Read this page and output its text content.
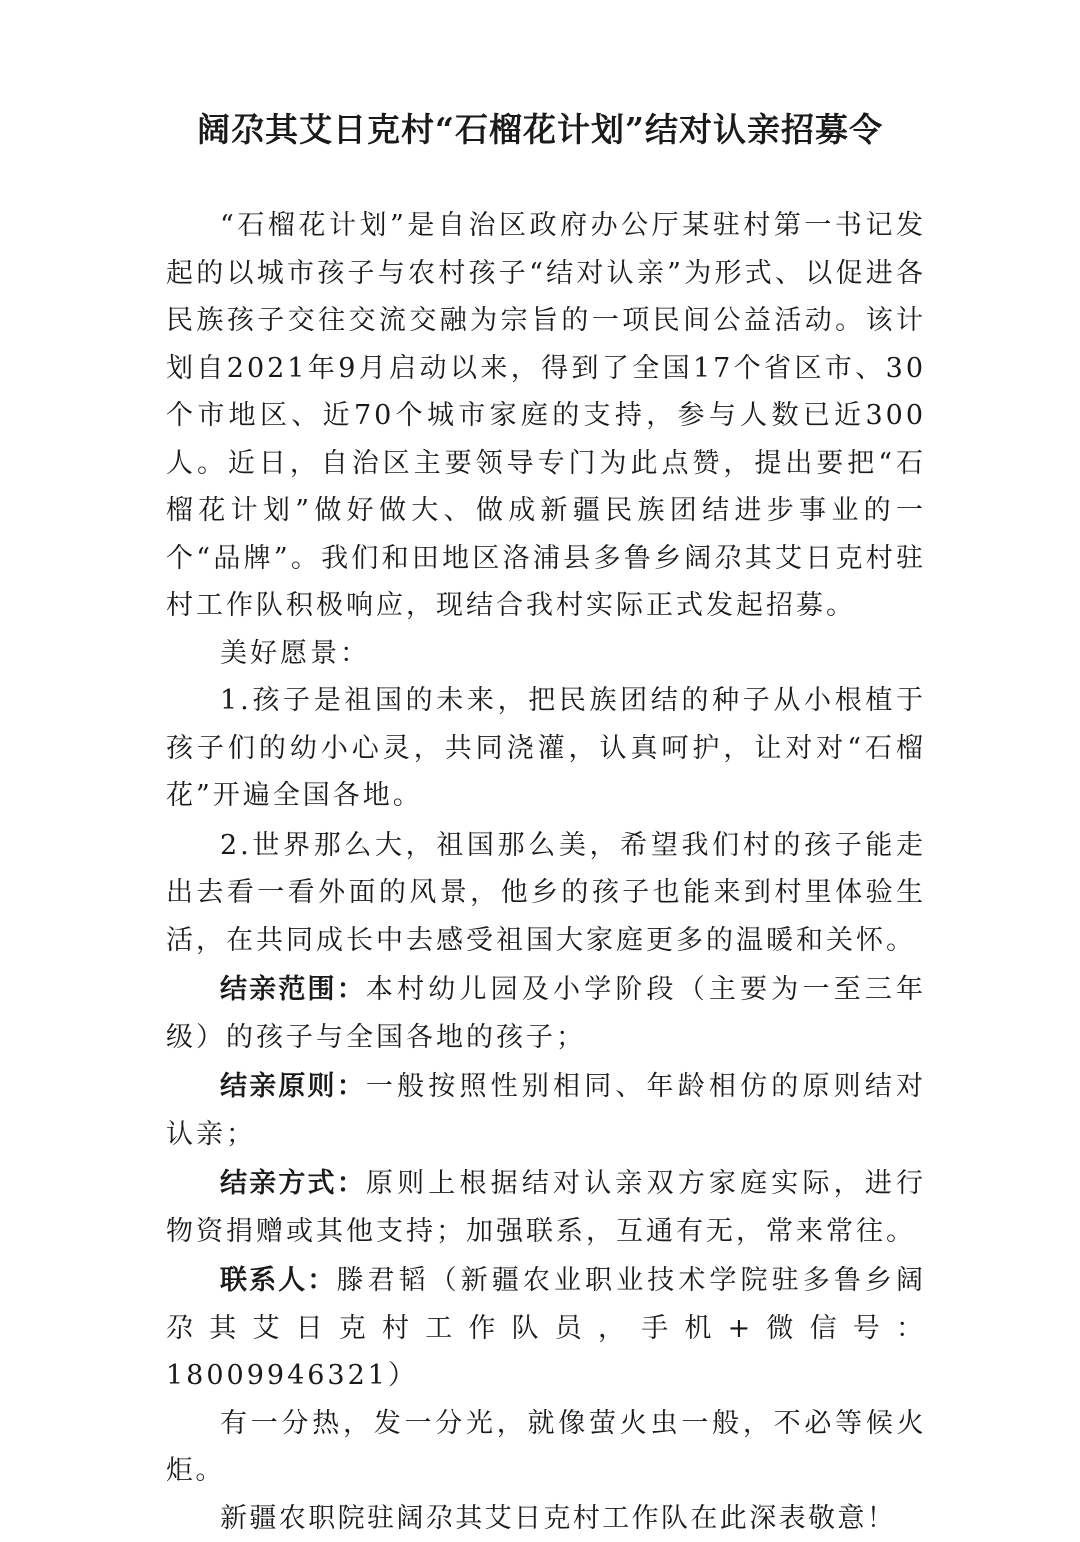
阔尕其艾日克村“石榴花计划”结对认亲招募令

“石榴花计划”是自治区政府办公厅某驻村第一书记发起的以城市孩子与农村孩子“结对认亲”为形式、以促进各民族孩子交往交流交融为宗旨的一项民间公益活动。该计划自2021年9月启动以来，得到了全国17个省区市、30个市地区、近70个城市家庭的支持，参与人数已近300人。近日，自治区主要领导专门为此点赞，提出要把“石榴花计划”做好做大、做成新疆民族团结进步事业的一个“品牌”。我们和田地区洛浦县多鲁乡阔尕其艾日克村驻村工作队积极响应，现结合我村实际正式发起招募。

美好愿景：

1.孩子是祖国的未来，把民族团结的种子从小根植于孩子们的幼小心灵，共同浇灌，认真呵护，让对对“石榴花”开遍全国各地。

2.世界那么大，祖国那么美，希望我们村的孩子能走出去看一看外面的风景，他乡的孩子也能来到村里体验生活，在共同成长中去感受祖国大家庭更多的温暖和关怀。

结亲范围：本村幼儿园及小学阶段（主要为一至三年级）的孩子与全国各地的孩子；

结亲原则：一般按照性别相同、年龄相仿的原则结对认亲；

结亲方式：原则上根据结对认亲双方家庭实际，进行物资捐赠或其他支持；加强联系，互通有无，常来常往。

联系人：滕君韬（新疆农业职业技术学院驻多鲁乡阔尕其艾日克村工作队员，手机+微信号：18009946321）

有一分热，发一分光，就像萤火虫一般，不必等候火炬。

新疆农职院驻阔尕其艾日克村工作队在此深表敬意！
